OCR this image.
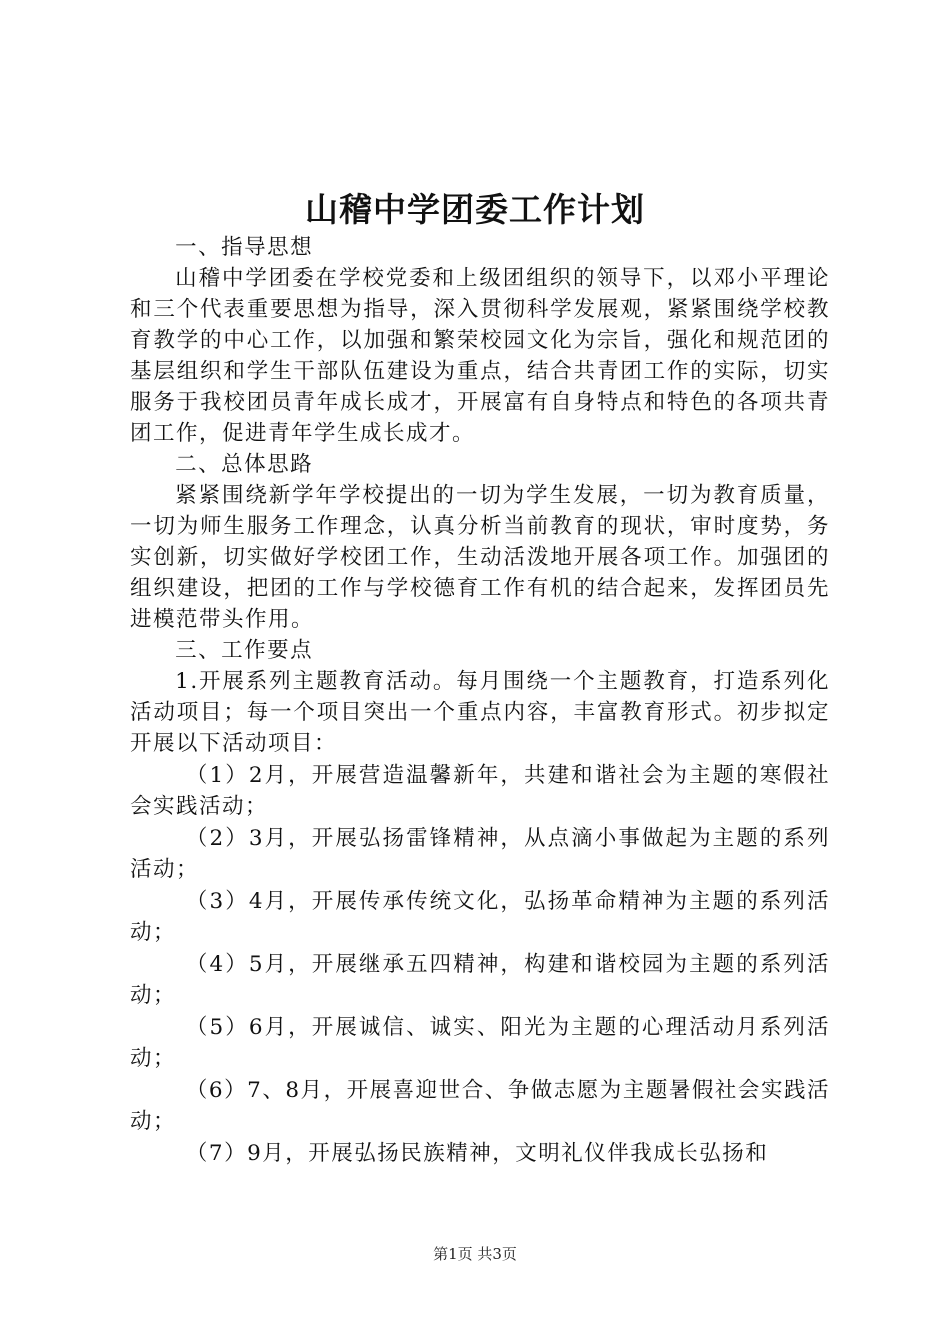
山稽中学团委工作计划

一、指导思想

山稽中学团委在学校党委和上级团组织的领导下，以邓小平理论和三个代表重要思想为指导，深入贯彻科学发展观，紧紧围绕学校教育教学的中心工作，以加强和繁荣校园文化为宗旨，强化和规范团的基层组织和学生干部队伍建设为重点，结合共青团工作的实际，切实服务于我校团员青年成长成才，开展富有自身特点和特色的各项共青团工作，促进青年学生成长成才。

二、总体思路

紧紧围绕新学年学校提出的一切为学生发展，一切为教育质量，一切为师生服务工作理念，认真分析当前教育的现状，审时度势，务实创新，切实做好学校团工作，生动活泼地开展各项工作。加强团的组织建设，把团的工作与学校德育工作有机的结合起来，发挥团员先进模范带头作用。

三、工作要点

1.开展系列主题教育活动。每月围绕一个主题教育，打造系列化活动项目；每一个项目突出一个重点内容，丰富教育形式。初步拟定开展以下活动项目：

（1）2月，开展营造温馨新年，共建和谐社会为主题的寒假社会实践活动；

（2）3月，开展弘扬雷锋精神，从点滴小事做起为主题的系列活动；

（3）4月，开展传承传统文化，弘扬革命精神为主题的系列活动；

（4）5月，开展继承五四精神，构建和谐校园为主题的系列活动；

（5）6月，开展诚信、诚实、阳光为主题的心理活动月系列活动；

（6）7、8月，开展喜迎世合、争做志愿为主题暑假社会实践活动；

（7）9月，开展弘扬民族精神，文明礼仪伴我成长弘扬和

第1页 共3页
